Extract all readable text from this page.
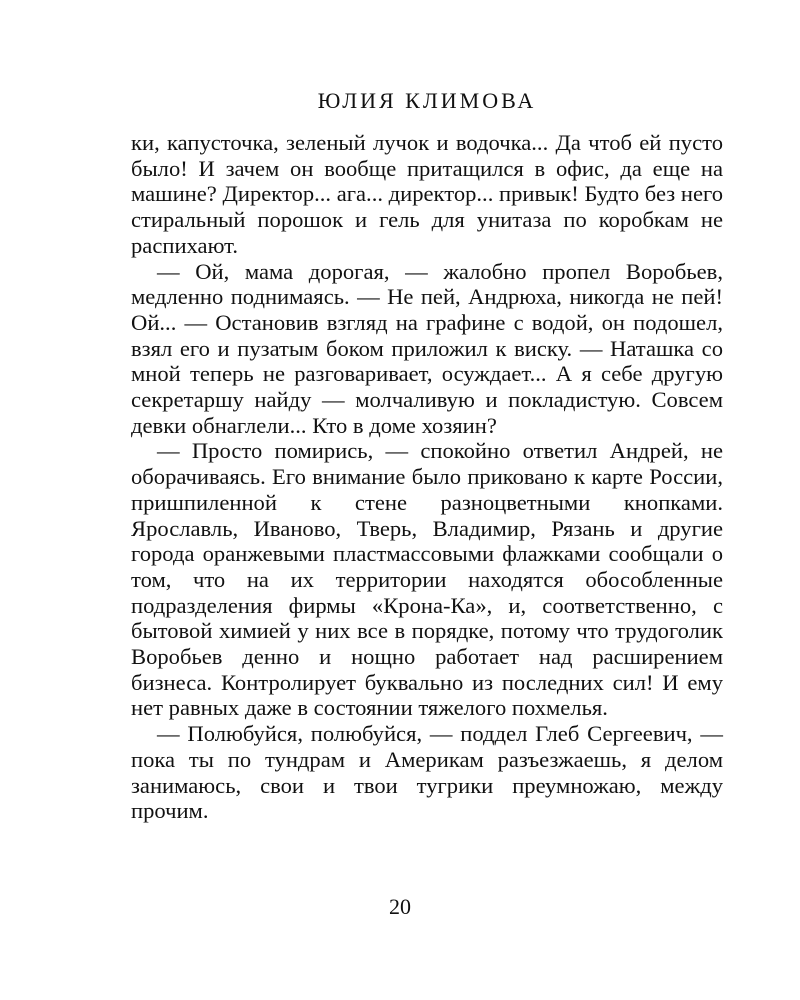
ЮЛИЯ КЛИМОВА

ки, капусточка, зеленый лучок и водочка... Да чтоб ей пусто было! И зачем он вообще притащился в офис, да еще на машине? Директор... ага... директор... привык! Будто без него стиральный порошок и гель для унитаза по коробкам не распихают.

— Ой, мама дорогая, — жалобно пропел Воробьев, медленно поднимаясь. — Не пей, Андрюха, никогда не пей! Ой... — Остановив взгляд на графине с водой, он подошел, взял его и пузатым боком приложил к виску. — Наташка со мной теперь не разговаривает, осуждает... А я себе другую секретаршу найду — молчаливую и покладистую. Совсем девки обнаглели... Кто в доме хозяин?

— Просто помирись, — спокойно ответил Андрей, не оборачиваясь. Его внимание было приковано к карте России, пришпиленной к стене разноцветными кнопками. Ярославль, Иваново, Тверь, Владимир, Рязань и другие города оранжевыми пластмассовыми флажками сообщали о том, что на их территории находятся обособленные подразделения фирмы «Крона-Ка», и, соответственно, с бытовой химией у них все в порядке, потому что трудоголик Воробьев денно и нощно работает над расширением бизнеса. Контролирует буквально из последних сил! И ему нет равных даже в состоянии тяжелого похмелья.

— Полюбуйся, полюбуйся, — поддел Глеб Сергеевич, — пока ты по тундрам и Америкам разъезжаешь, я делом занимаюсь, свои и твои тугрики преумножаю, между прочим.

20
